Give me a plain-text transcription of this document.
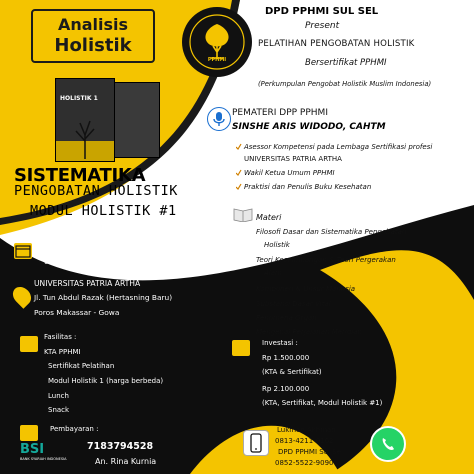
Analisis
Holistik
PPHMI
DPD PPHMI SUL SEL
Present
PELATIHAN PENGOBATAN HOLISTIK
Bersertifikat PPHMI
(Perkumpulan Pengobat Holistik Muslim Indonesia)
HOLISTIK 1
SISTEMATIKA
PENGOBATAN HOLISTIK
MODUL HOLISTIK #1
PEMATERI DPP PPHMI
SINSHE ARIS WIDODO, CAHTM
Asessor Kompetensi pada Lembaga Sertifikasi profesi
UNIVERSITAS PATRIA ARTHA
Wakil Ketua Umum PPHMI
Praktisi dan Penulis Buku Kesehatan
Materi
Filosofi Dasar dan Sistematika Pengobatan
Holistik
Teori Keseimbangan & Teori Pergerakan
Alam
Komponen & Unsur Manusia
Substansi Dasar Vital
Fenomena Organ
Mengenal Perjalanan Meridian
Selasa - Sabtu : 14 - 18 Februari 2023
09.00 - 15.00 wita
UNIVERSITAS PATRIA ARTHA
Jl. Tun Abdul Razak (Hertasning Baru)
Poros Makassar - Gowa
Fasilitas :
KTA PPHMI
Sertifikat Pelatihan
Modul Holistik 1 (harga berbeda)
Lunch
Snack
Investasi :
Rp 1.500.000
(KTA & Sertifikat)
Rp 2.100.000
(KTA, Sertifikat, Modul Holistik #1)
Pembayaran :
BSI
BANK SYARIAH INDONESIA
7183794528
An. Rina Kurnia
Lukman Akhmad
0813-4211-0162
DPD PPHMI Sul Sel
0852-5522-9090
